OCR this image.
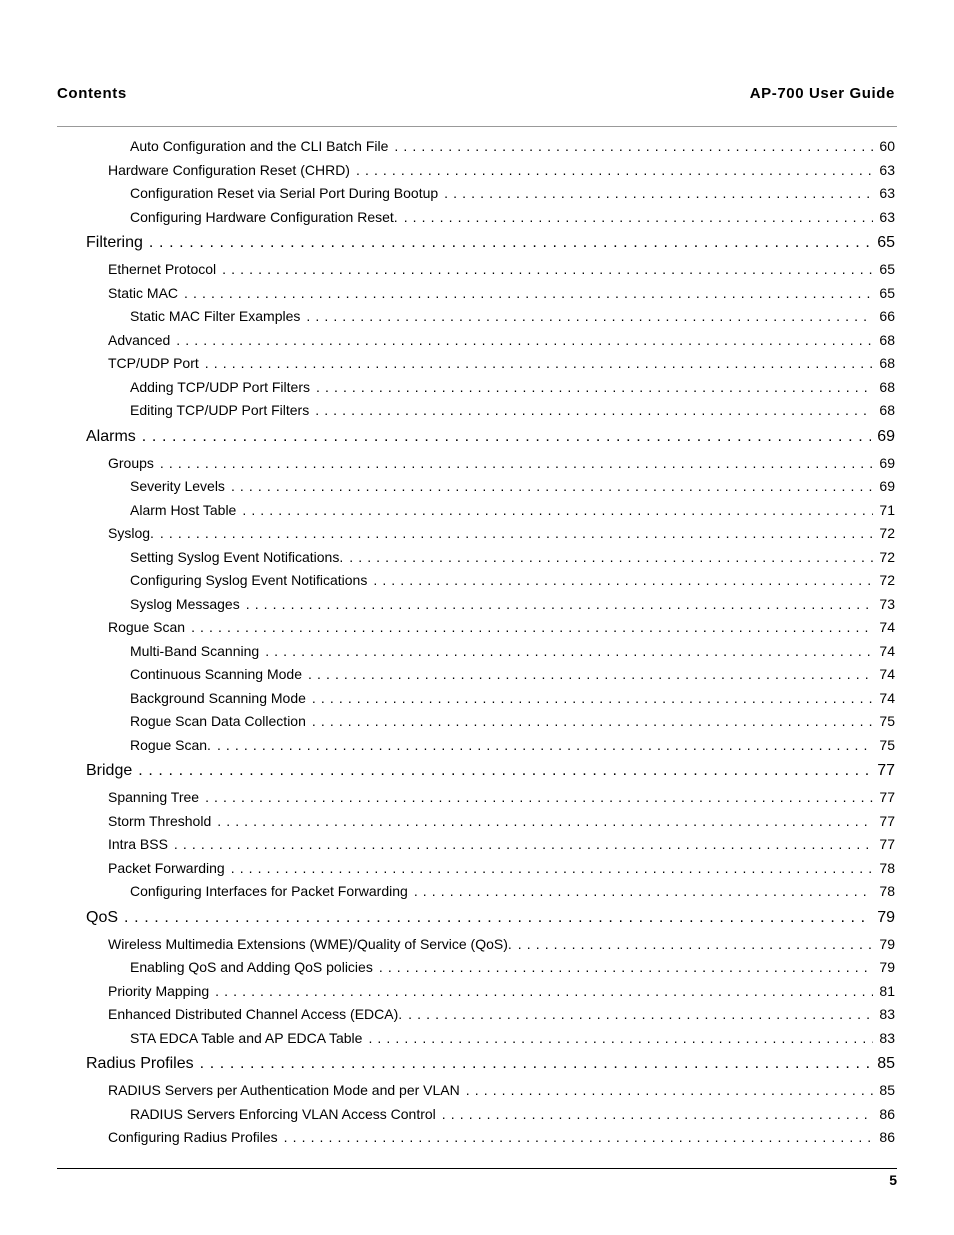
Contents	AP-700 User Guide
Auto Configuration and the CLI Batch File . . .	60
Hardware Configuration Reset (CHRD) . . .	63
Configuration Reset via Serial Port During Bootup . . .	63
Configuring Hardware Configuration Reset. . . .	63
Filtering . . .	65
Ethernet Protocol . . .	65
Static MAC . . .	65
Static MAC Filter Examples . . .	66
Advanced . . .	68
TCP/UDP Port . . .	68
Adding TCP/UDP Port Filters . . .	68
Editing TCP/UDP Port Filters . . .	68
Alarms . . .	69
Groups . . .	69
Severity Levels . . .	69
Alarm Host Table . . .	71
Syslog. . . .	72
Setting Syslog Event Notifications. . . .	72
Configuring Syslog Event Notifications . . .	72
Syslog Messages . . .	73
Rogue Scan . . .	74
Multi-Band Scanning . . .	74
Continuous Scanning Mode . . .	74
Background Scanning Mode . . .	74
Rogue Scan Data Collection . . .	75
Rogue Scan. . . .	75
Bridge . . .	77
Spanning Tree . . .	77
Storm Threshold . . .	77
Intra BSS . . .	77
Packet Forwarding . . .	78
Configuring Interfaces for Packet Forwarding . . .	78
QoS . . .	79
Wireless Multimedia Extensions (WME)/Quality of Service (QoS). . . .	79
Enabling QoS and Adding QoS policies . . .	79
Priority Mapping . . .	81
Enhanced Distributed Channel Access (EDCA). . . .	83
STA EDCA Table and AP EDCA Table . . .	83
Radius Profiles . . .	85
RADIUS Servers per Authentication Mode and per VLAN . . .	85
RADIUS Servers Enforcing VLAN Access Control . . .	86
Configuring Radius Profiles . . .	86
5
